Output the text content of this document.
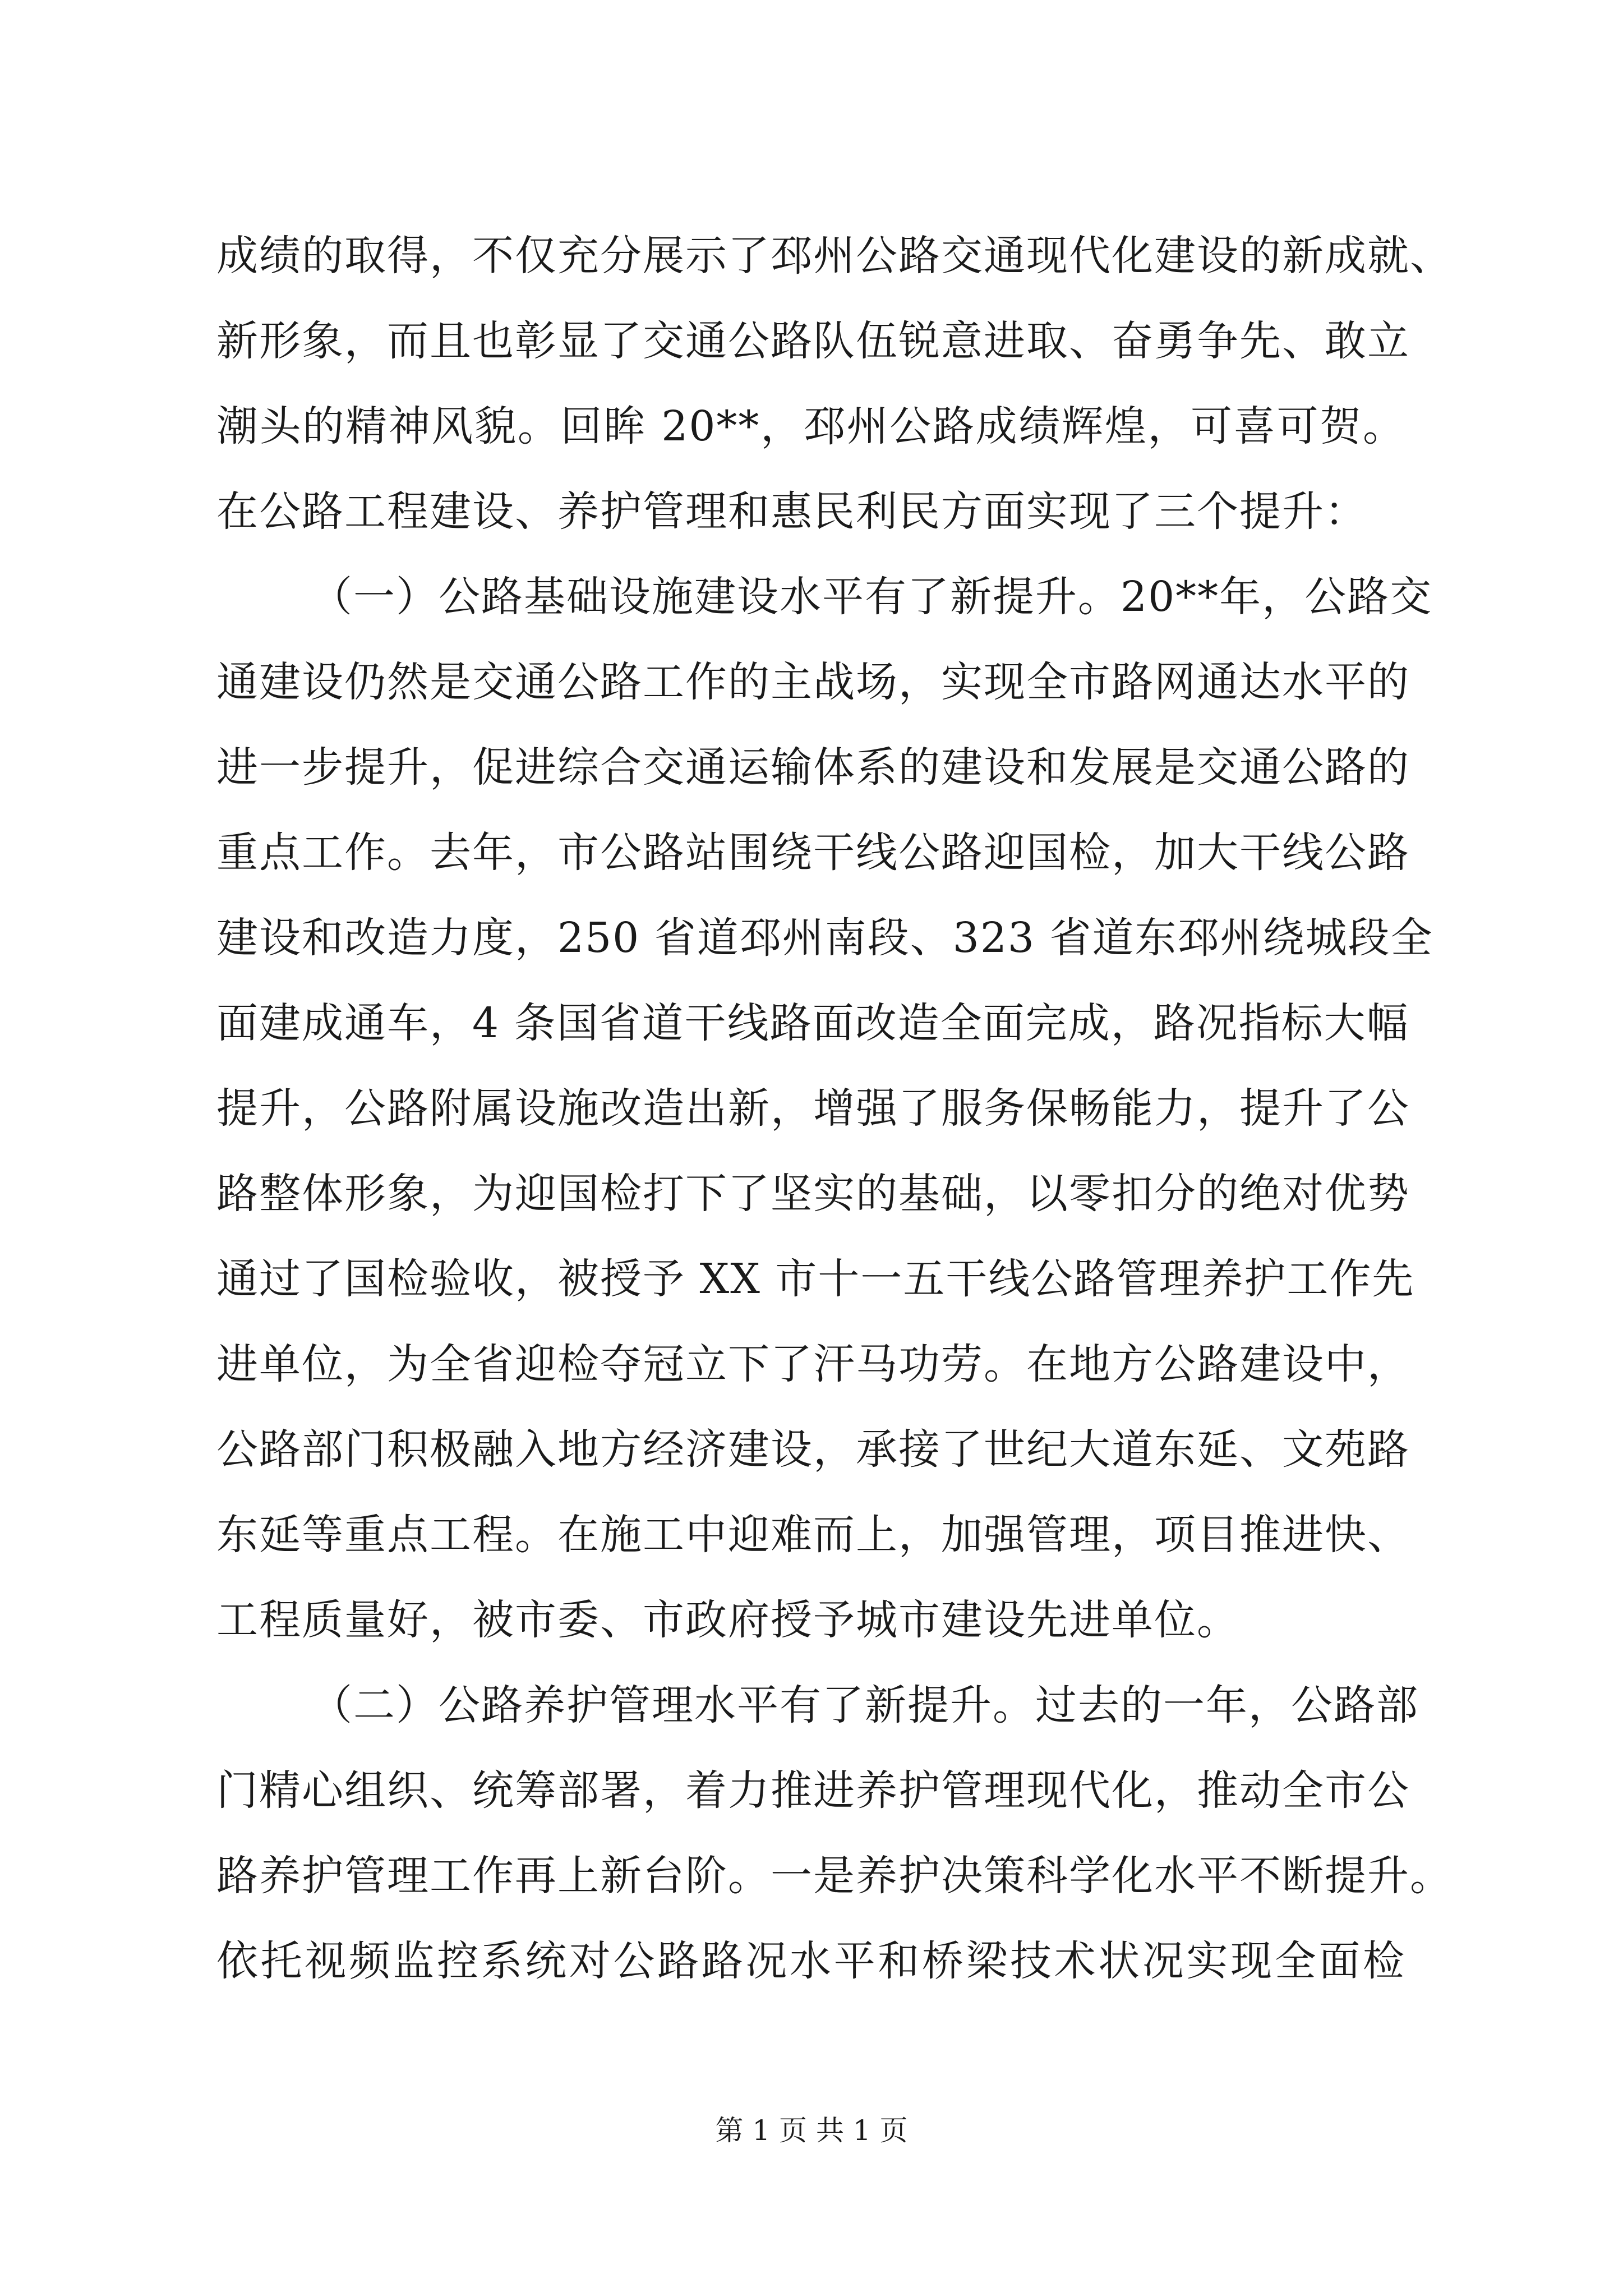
成绩的取得，不仅充分展示了邳州公路交通现代化建设的新成就、
新形象，而且也彰显了交通公路队伍锐意进取、奋勇争先、敢立
潮头的精神风貌。回眸 20**，邳州公路成绩辉煌，可喜可贺。
在公路工程建设、养护管理和惠民利民方面实现了三个提升：
（一）公路基础设施建设水平有了新提升。20**年，公路交
通建设仍然是交通公路工作的主战场，实现全市路网通达水平的
进一步提升，促进综合交通运输体系的建设和发展是交通公路的
重点工作。去年，市公路站围绕干线公路迎国检，加大干线公路
建设和改造力度，250 省道邳州南段、323 省道东邳州绕城段全
面建成通车，4 条国省道干线路面改造全面完成，路况指标大幅
提升，公路附属设施改造出新，增强了服务保畅能力，提升了公
路整体形象，为迎国检打下了坚实的基础，以零扣分的绝对优势
通过了国检验收，被授予 XX 市十一五干线公路管理养护工作先
进单位，为全省迎检夺冠立下了汗马功劳。在地方公路建设中，
公路部门积极融入地方经济建设，承接了世纪大道东延、文苑路
东延等重点工程。在施工中迎难而上，加强管理，项目推进快、
工程质量好，被市委、市政府授予城市建设先进单位。
（二）公路养护管理水平有了新提升。过去的一年，公路部
门精心组织、统筹部署，着力推进养护管理现代化，推动全市公
路养护管理工作再上新台阶。一是养护决策科学化水平不断提升。
依托视频监控系统对公路路况水平和桥梁技术状况实现全面检
第 1 页 共 1 页
